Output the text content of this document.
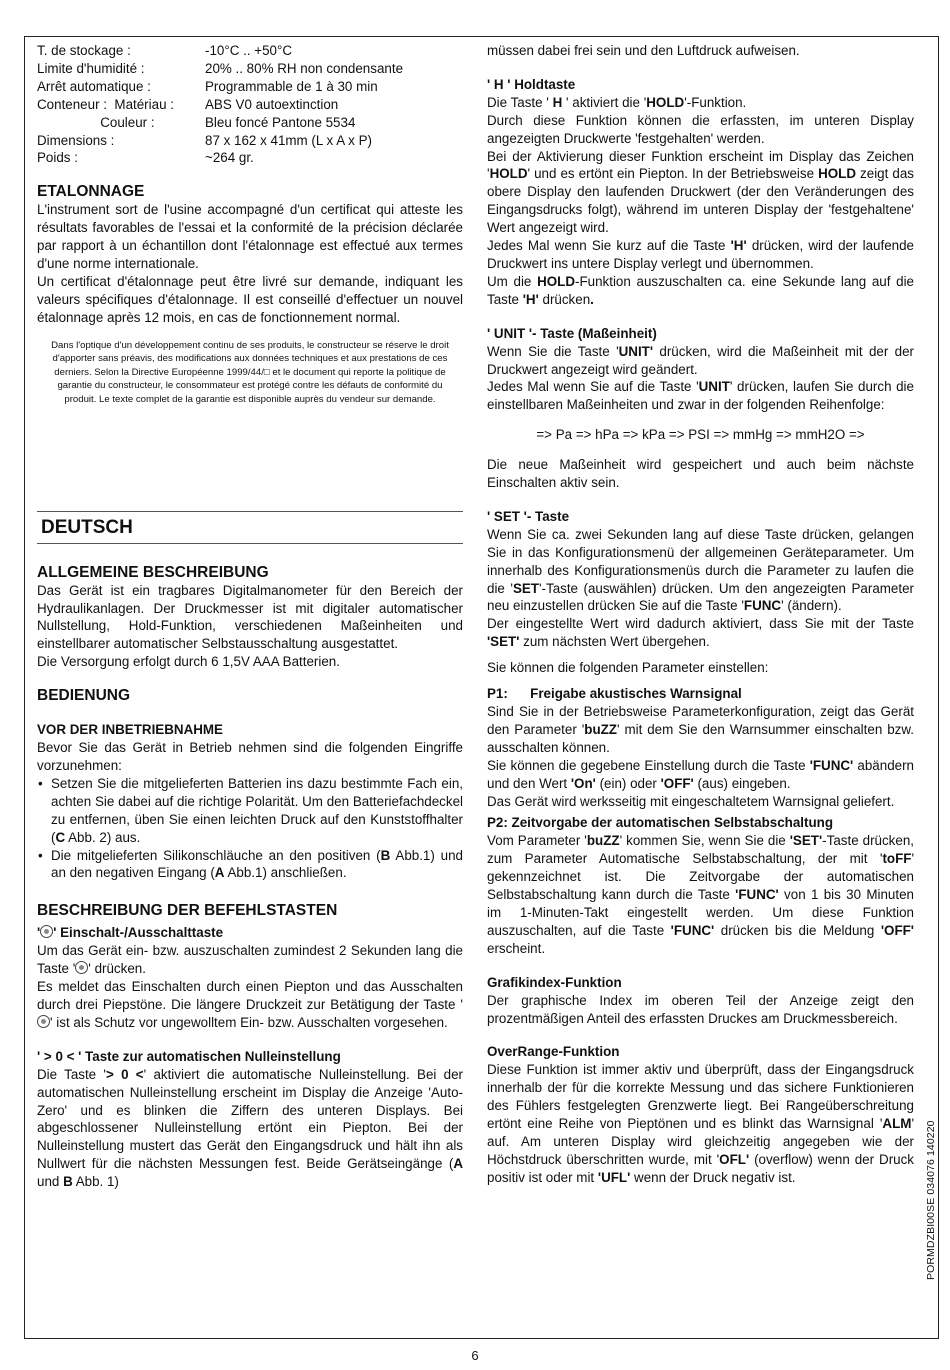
T. de stockage :	-10°C .. +50°C
Limite d'humidité :	20% .. 80% RH non condensante
Arrêt automatique :	Programmable de 1 à 30 min
Conteneur :  Matériau :	ABS V0 autoextinction
Couleur :	Bleu foncé Pantone 5534
Dimensions :	87 x 162 x 41mm (L x A x P)
Poids :	~264 gr.
ETALONNAGE

L'instrument sort de l'usine accompagné d'un certificat qui atteste les résultats favorables de l'essai et la conformité de la précision déclarée par rapport à un échantillon dont l'étalonnage est effectué aux termes d'une norme internationale.

Un certificat d'étalonnage peut être livré sur demande, indiquant les valeurs spécifiques d'étalonnage. Il est conseillé d'effectuer un nouvel étalonnage après 12 mois, en cas de fonctionnement normal.

Dans l'optique d'un développement continu de ses produits, le constructeur se réserve le droit d'apporter sans préavis, des modifications aux données techniques et aux prestations de ces derniers. Selon la Directive Européenne 1999/44/□ et le document qui reporte la politique de garantie du constructeur, le consommateur est protégé contre les défauts de conformité du produit. Le texte complet de la garantie est disponible auprès du vendeur sur demande.

DEUTSCH
ALLGEMEINE BESCHREIBUNG

Das Gerät ist ein tragbares Digitalmanometer für den Bereich der Hydraulikanlagen. Der Druckmesser ist mit digitaler automatischer Nullstellung, Hold-Funktion, verschiedenen Maßeinheiten und einstellbarer automatischer Selbstausschaltung ausgestattet.

Die Versorgung erfolgt durch 6 1,5V AAA Batterien.

BEDIENUNG
VOR DER INBETRIEBNAHME

Bevor Sie das Gerät in Betrieb nehmen sind die folgenden Eingriffe vorzunehmen:

• Setzen Sie die mitgelieferten Batterien ins dazu bestimmte Fach ein, achten Sie dabei auf die richtige Polarität. Um den Batteriefachdeckel zu entfernen, üben Sie einen leichten Druck auf den Kunststoffhalter (C Abb. 2) aus.
• Die mitgelieferten Silikonschläuche an den positiven (B Abb.1) und an den negativen Eingang (A Abb.1) anschließen.
BESCHREIBUNG DER BEFEHLSTASTEN
' ' Einschalt-/Ausschalttaste

Um das Gerät ein- bzw. auszuschalten zumindest 2 Sekunden lang die Taste ' ' drücken.

Es meldet das Einschalten durch einen Piepton und das Ausschalten durch drei Piepstöne. Die längere Druckzeit zur Betätigung der Taste '' ist als Schutz vor ungewolltem Ein- bzw. Ausschalten vorgesehen.

' > 0 < ' Taste zur automatischen Nulleinstellung

Die Taste '> 0 <' aktiviert die automatische Nulleinstellung. Bei der automatischen Nulleinstellung erscheint im Display die Anzeige 'Auto-Zero' und es blinken die Ziffern des unteren Displays. Bei abgeschlossener Nulleinstellung ertönt ein Piepton. Bei der Nulleinstellung mustert das Gerät den Eingangsdruck und hält ihn als Nullwert für die nächsten Messungen fest. Beide Gerätseingänge (A und B Abb. 1)

müssen dabei frei sein und den Luftdruck aufweisen.

' H ' Holdtaste

Die Taste ' H ' aktiviert die 'HOLD'-Funktion.

Durch diese Funktion können die erfassten, im unteren Display angezeigten Druckwerte 'festgehalten' werden.

Bei der Aktivierung dieser Funktion erscheint im Display das Zeichen 'HOLD' und es ertönt ein Piepton. In der Betriebsweise HOLD zeigt das obere Display den laufenden Druckwert (der den Veränderungen des Eingangsdrucks folgt), während im unteren Display der 'festgehaltene' Wert angezeigt wird.

Jedes Mal wenn Sie kurz auf die Taste 'H' drücken, wird der laufende Druckwert ins untere Display verlegt und übernommen.

Um die HOLD-Funktion auszuschalten ca. eine Sekunde lang auf die Taste 'H' drücken.

' UNIT '- Taste (Maßeinheit)

Wenn Sie die Taste 'UNIT' drücken, wird die Maßeinheit mit der der Druckwert angezeigt wird geändert.

Jedes Mal wenn Sie auf die Taste 'UNIT' drücken, laufen Sie durch die einstellbaren Maßeinheiten und zwar in der folgenden Reihenfolge:

=> Pa => hPa => kPa => PSI => mmHg => mmH2O =>

Die neue Maßeinheit wird gespeichert und auch beim nächste Einschalten aktiv sein.

' SET '- Taste

Wenn Sie ca. zwei Sekunden lang auf diese Taste drücken, gelangen Sie in das Konfigurationsmenü der allgemeinen Geräteparameter. Um innerhalb des Konfigurationsmenüs durch die Parameter zu laufen die die 'SET'-Taste (auswählen) drücken. Um den angezeigten Parameter neu einzustellen drücken Sie auf die Taste 'FUNC' (ändern).

Der eingestellte Wert wird dadurch aktiviert, dass Sie mit der Taste 'SET' zum nächsten Wert übergehen.

Sie können die folgenden Parameter einstellen:

P1:      Freigabe akustisches Warnsignal

Sind Sie in der Betriebsweise Parameterkonfiguration, zeigt das Gerät den Parameter 'buZZ' mit dem Sie den Warnsummer einschalten bzw. ausschalten können.

Sie können die gegebene Einstellung durch die Taste 'FUNC' abändern und den Wert 'On' (ein) oder 'OFF' (aus) eingeben.

Das Gerät wird werksseitig mit eingeschaltetem Warnsignal geliefert.

P2: Zeitvorgabe der automatischen Selbstabschaltung

Vom Parameter 'buZZ' kommen Sie, wenn Sie die 'SET'-Taste drücken, zum Parameter Automatische Selbstabschaltung, der mit 'toFF' gekennzeichnet ist. Die Zeitvorgabe der automatischen Selbstabschaltung kann durch die Taste 'FUNC' von 1 bis 30 Minuten im 1-Minuten-Takt eingestellt werden. Um diese Funktion auszuschalten, auf die Taste 'FUNC' drücken bis die Meldung 'OFF' erscheint.

Grafikindex-Funktion

Der graphische Index im oberen Teil der Anzeige zeigt den prozentmäßigen Anteil des erfassten Druckes am Druckmessbereich.

OverRange-Funktion

Diese Funktion ist immer aktiv und überprüft, dass der Eingangsdruck innerhalb der für die korrekte Messung und das sichere Funktionieren des Fühlers festgelegten Grenzwerte liegt. Bei Rangeüberschreitung ertönt eine Reihe von Pieptönen und es blinkt das Warnsignal 'ALM' auf. Am unteren Display wird gleichzeitig angegeben wie der Höchstdruck überschritten wurde, mit 'OFL' (overflow) wenn der Druck positiv ist oder mit 'UFL' wenn der Druck negativ ist.	PORMDZBI00SE 034076 140220
6
